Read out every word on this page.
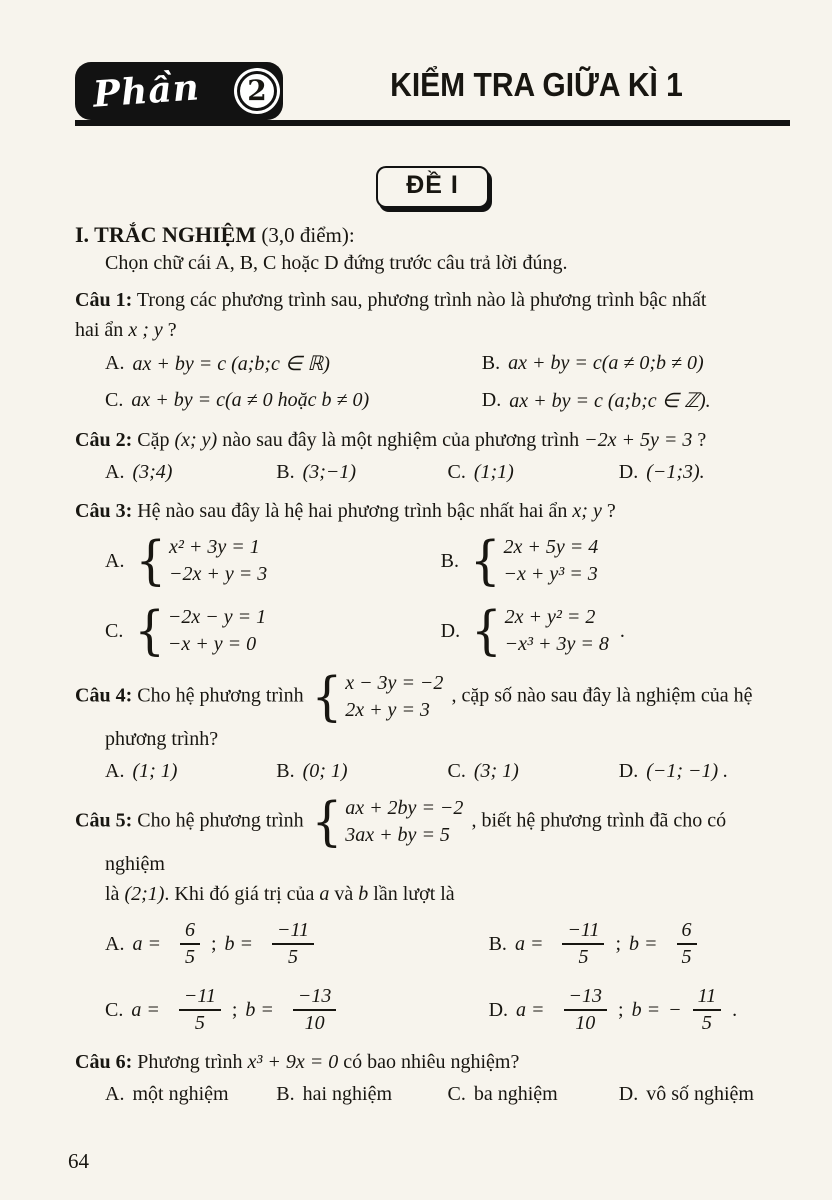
Phần 2	KIỂM TRA GIỮA KÌ 1
ĐỀ I

I. TRẮC NGHIỆM (3,0 điểm):

Chọn chữ cái A, B, C hoặc D đứng trước câu trả lời đúng.

Câu 1: Trong các phương trình sau, phương trình nào là phương trình bậc nhất
hai ẩn x ; y ?

A. ax + by = c (a;b;c ∈ ℝ)	B. ax + by = c(a ≠ 0;b ≠ 0)
C. ax + by = c(a ≠ 0 hoặc b ≠ 0)	D. ax + by = c (a;b;c ∈ ℤ).

Câu 2: Cặp (x; y) nào sau đây là một nghiệm của phương trình −2x + 5y = 3 ?

A. (3;4)	B. (3;−1)	C. (1;1)	D. (−1;3).

Câu 3: Hệ nào sau đây là hệ hai phương trình bậc nhất hai ẩn x; y ?

A. { x² + 3y = 1
−2x + y = 3
B. { 2x + 5y = 4
−x + y³ = 3
C. { −2x − y = 1
−x + y = 0
D. { 2x + y² = 2
−x³ + 3y = 8
.

Câu 4: Cho hệ phương trình { x − 3y = −2
2x + y = 3
, cặp số nào sau đây là nghiệm của hệ
phương trình?

A. (1; 1)	B. (0; 1)	C. (3; 1)	D. (−1; −1) .

Câu 5: Cho hệ phương trình { ax + 2by = −2
3ax + by = 5
, biết hệ phương trình đã cho có nghiệm
là (2;1). Khi đó giá trị của a và b lần lượt là

A. $a = \frac{6}{5}$ ; $b = \frac{-11}{5}$	B. $a = \frac{-11}{5}$ ; $b = \frac{6}{5}$
C. $a = \frac{-11}{5}$ ; $b = \frac{-13}{10}$	D. $a = \frac{-13}{10}$ ; b = − $\frac{11}{5}$ .

Câu 6: Phương trình x³ + 9x = 0 có bao nhiêu nghiệm?

A. một nghiệm B. hai nghiệm	C. ba nghiệm	D. vô số nghiệm
64
